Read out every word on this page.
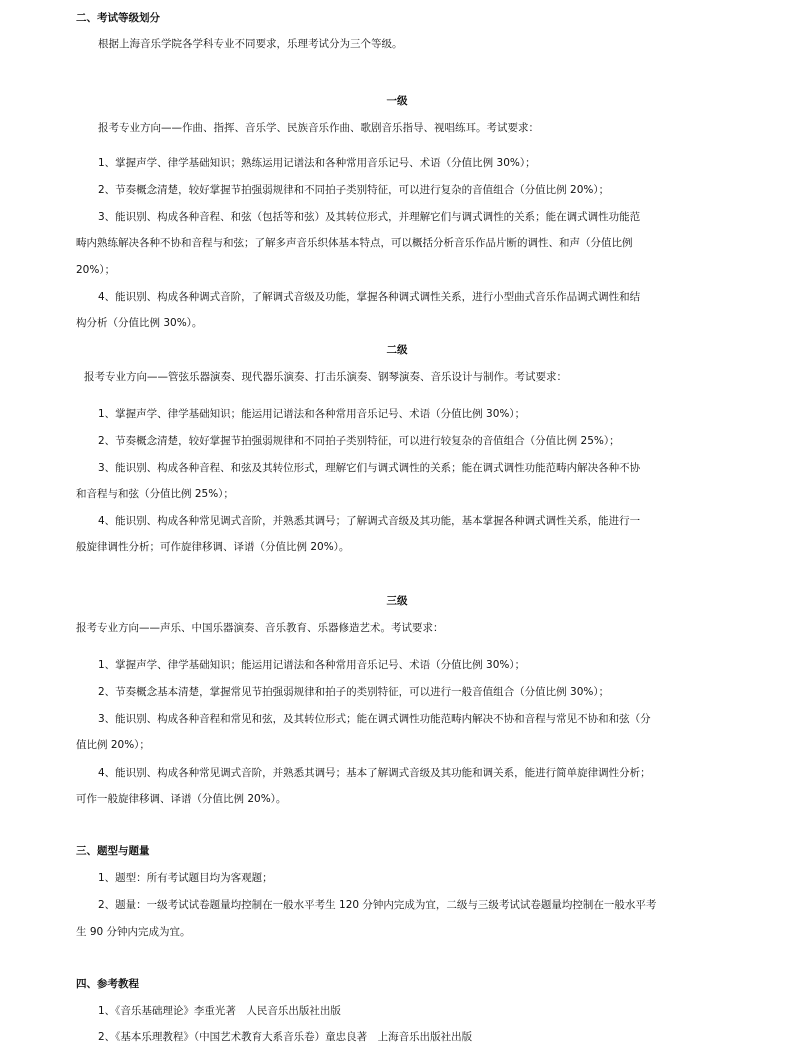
二、考试等级划分
根据上海音乐学院各学科专业不同要求，乐理考试分为三个等级。
一级
报考专业方向——作曲、指挥、音乐学、民族音乐作曲、歌剧音乐指导、视唱练耳。考试要求：
1、掌握声学、律学基础知识；熟练运用记谱法和各种常用音乐记号、术语（分值比例 30%）；
2、节奏概念清楚，较好掌握节拍强弱规律和不同拍子类别特征，可以进行复杂的音值组合（分值比例 20%）；
3、能识别、构成各种音程、和弦（包括等和弦）及其转位形式，并理解它们与调式调性的关系；能在调式调性功能范
畴内熟练解决各种不协和音程与和弦；了解多声音乐织体基本特点，可以概括分析音乐作品片断的调性、和声（分值比例
20%）；
4、能识别、构成各种调式音阶，了解调式音级及功能，掌握各种调式调性关系，进行小型曲式音乐作品调式调性和结
构分析（分值比例 30%）。
二级
报考专业方向——管弦乐器演奏、现代器乐演奏、打击乐演奏、钢琴演奏、音乐设计与制作。考试要求：
1、掌握声学、律学基础知识；能运用记谱法和各种常用音乐记号、术语（分值比例 30%）；
2、节奏概念清楚，较好掌握节拍强弱规律和不同拍子类别特征，可以进行较复杂的音值组合（分值比例 25%）；
3、能识别、构成各种音程、和弦及其转位形式，理解它们与调式调性的关系；能在调式调性功能范畴内解决各种不协
和音程与和弦（分值比例 25%）；
4、能识别、构成各种常见调式音阶，并熟悉其调号；了解调式音级及其功能，基本掌握各种调式调性关系，能进行一
般旋律调性分析；可作旋律移调、译谱（分值比例 20%）。
三级
报考专业方向——声乐、中国乐器演奏、音乐教育、乐器修造艺术。考试要求：
1、掌握声学、律学基础知识；能运用记谱法和各种常用音乐记号、术语（分值比例 30%）；
2、节奏概念基本清楚，掌握常见节拍强弱规律和拍子的类别特征，可以进行一般音值组合（分值比例 30%）；
3、能识别、构成各种音程和常见和弦，及其转位形式；能在调式调性功能范畴内解决不协和音程与常见不协和和弦（分
值比例 20%）；
4、能识别、构成各种常见调式音阶，并熟悉其调号；基本了解调式音级及其功能和调关系，能进行简单旋律调性分析；
可作一般旋律移调、译谱（分值比例 20%）。
三、题型与题量
1、题型：所有考试题目均为客观题；
2、题量：一级考试试卷题量均控制在一般水平考生 120 分钟内完成为宜，二级与三级考试试卷题量均控制在一般水平考
生 90 分钟内完成为宜。
四、参考教程
1、《音乐基础理论》李重光著　人民音乐出版社出版
2、《基本乐理教程》（中国艺术教育大系音乐卷）童忠良著　上海音乐出版社出版
